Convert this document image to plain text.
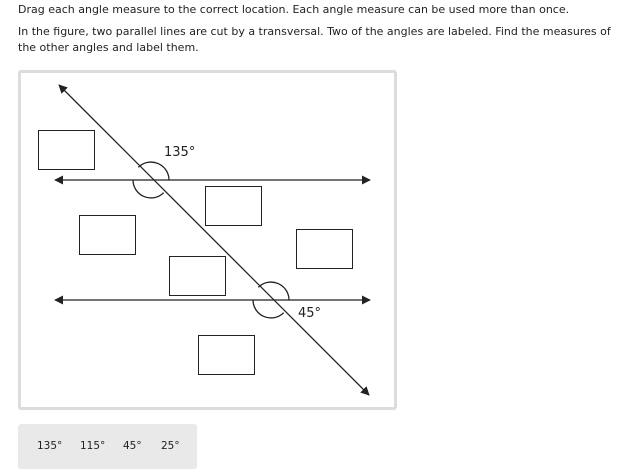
Drag each angle measure to the correct location. Each angle measure can be used more than once.

In the figure, two parallel lines are cut by a transversal. Two of the angles are labeled. Find the measures of the other angles and label them.

135°
45°
135° 115° 45° 25°
